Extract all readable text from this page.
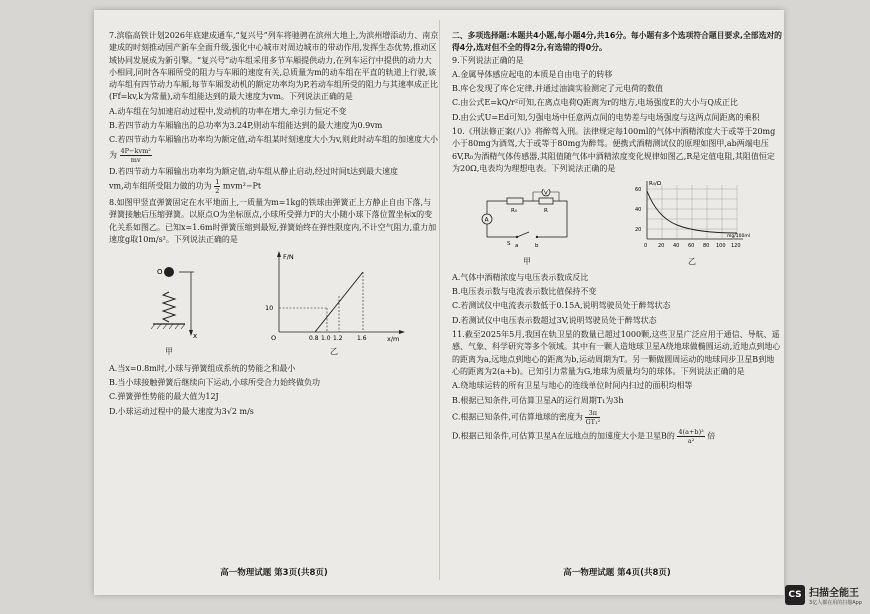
7.滨临高铁计划2026年底建成通车,“复兴号”列车将驰骋在滨州大地上,为滨州增添动力、南京建成的时刻推动国产新车全面升级,强化中心城市对周边城市的带动作用,发挥生态优势,推动区域协同发展成为新引擎。“复兴号”动车组采用多节车厢提供动力,在列车运行中提供的动力大小相同,同时各车厢所受的阻力与车厢的速度有关,总质量为m的动车组在平直的轨道上行驶,该动车组有四节动力车厢,每节车厢发动机的额定功率均为P,若动车组所受的阻力与其速率成正比(Ff=kv,k为常量),动车组能达到的最大速度为vm。下列说法正确的是

A.动车组在匀加速启动过程中,发动机的功率在增大,牵引力恒定不变

B.若四节动力车厢输出的总功率为3.24P,则动车组能达到的最大速度为0.9vm

C.若四节动力车厢输出功率均为额定值,动车组某时刻速度大小为v,则此时动车组的加速度大小为 $\frac{\text{4P−kvm²}}{mv}$

D.若四节动力车厢输出功率均为额定值,动车组从静止启动,经过时间t达到最大速度
vm,动车组所受阻力做的功为 $\frac{1}{2} mvm^2-Pt$

8.如图甲竖直弹簧固定在水平地面上,一质量为m=1kg的铁球由弹簧正上方静止自由下落,与弹簧接触后压缩弹簧。以原点O为坐标原点,小球所受弹力F的大小随小球下落位置坐标x的变化关系如图乙。已知x=1.6m时弹簧压缩到最短,弹簧始终在弹性限度内,不计空气阻力,重力加速度g取10m/s²。下列说法正确的是

O
x
甲
F/N
x/m
O
10
0.8 1.0 1.2 1.6
乙

A.当x=0.8m时,小球与弹簧组成系统的势能之和最小

B.当小球接触弹簧后继续向下运动,小球所受合力始终做负功

C.弹簧弹性势能的最大值为12J

D.小球运动过程中的最大速度为3√2 m/s

高一物理试题 第3页(共8页)

二、多项选择题:本题共4小题,每小题4分,共16分。每小题有多个选项符合题目要求,全部选对的得4分,选对但不全的得2分,有选错的得0分。

9.下列说法正确的是

A.金属导体感应起电的本质是自由电子的转移

B.库仑发现了库仑定律,并通过油滴实验测定了元电荷的数值

C.由公式E=kQ/r²可知,在离点电荷Q距离为r的地方,电场强度E的大小与Q成正比

D.由公式U=Ed可知,匀强电场中任意两点间的电势差与电场强度与这两点间距离的乘积

10.《刑法修正案(八)》将醉驾入刑。法律规定每100ml的气体中酒精浓度大于或等于20mg小于80mg为酒驾,大于或等于80mg为醉驾。便携式酒精测试仪的原理如图甲,ab两端电压6V,R₀为酒精气体传感器,其阻值随气体中酒精浓度变化规律如图乙,R是定值电阻,其阻值恒定为20Ω,电表均为理想电表。下列说法正确的是

A
R₀	R
V
S a	b
甲
R₀/Ω
60
40
20
0 20 40 60 80 100 120
mg/100ml
乙

A.气体中酒精浓度与电压表示数成反比

B.电压表示数与电流表示数比值保持不变

C.若测试仪中电流表示数低于0.15A,说明驾驶员处于醉驾状态

D.若测试仪中电压表示数超过3V,说明驾驶员处于醉驾状态

11.截至2025年5月,我国在轨卫星的数量已超过1000颗,这些卫星广泛应用于通信、导航、遥感、气象、科学研究等多个领域。其中有一颗人造地球卫星A绕地球做椭圆运动,近地点到地心的距离为a,远地点到地心的距离为b,运动周期为T。另一颗做圆周运动的地球同步卫星B到地心的距离为2(a+b)。已知引力常量为G,地球为质量均匀的球体。下列说法正确的是

A.绕地球运转的所有卫星与地心的连线单位时间内扫过的面积均相等

B.根据已知条件,可估算卫星A的运行周期T₁为3h

C.根据已知条件,可估算地球的密度为 $\frac{3\pi}{\text{GT₁²}}$

D.根据已知条件,可估算卫星A在远地点的加速度大小是卫星B的 $\frac{\text{4(a+b)²}}{\text{a²}}$ 倍

高一物理试题 第4页(共8页)
CS 扫描全能王
3亿人都在用的扫描App
